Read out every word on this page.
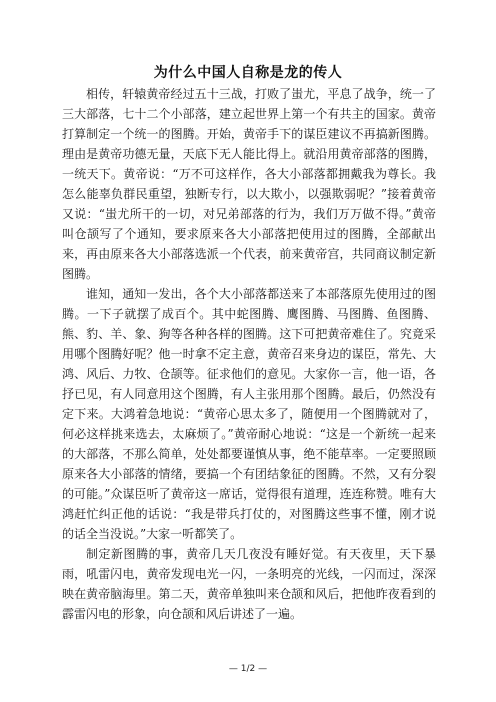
为什么中国人自称是龙的传人

相传，轩辕黄帝经过五十三战，打败了蚩尤，平息了战争，统一了三大部落，七十二个小部落，建立起世界上第一个有共主的国家。黄帝打算制定一个统一的图腾。开始，黄帝手下的谋臣建议不再搞新图腾。理由是黄帝功德无量，天底下无人能比得上。就沿用黄帝部落的图腾，一统天下。黄帝说：“万不可这样作，各大小部落都拥戴我为尊长。我怎么能辜负群民重望，独断专行，以大欺小，以强欺弱呢？”接着黄帝又说：“蚩尤所干的一切，对兄弟部落的行为，我们万万做不得。”黄帝叫仓颉写了个通知，要求原来各大小部落把使用过的图腾，全部献出来，再由原来各大小部落选派一个代表，前来黄帝宫，共同商议制定新图腾。

谁知，通知一发出，各个大小部落都送来了本部落原先使用过的图腾。一下子就摆了成百个。其中蛇图腾、鹰图腾、马图腾、鱼图腾、熊、豹、羊、象、狗等各种各样的图腾。这下可把黄帝难住了。究竟采用哪个图腾好呢？他一时拿不定主意，黄帝召来身边的谋臣，常先、大鸿、风后、力牧、仓颉等。征求他们的意见。大家你一言，他一语，各抒已见，有人同意用这个图腾，有人主张用那个图腾。最后，仍然没有定下来。大鸿着急地说：“黄帝心思太多了，随便用一个图腾就对了，何必这样挑来选去，太麻烦了。”黄帝耐心地说：“这是一个新统一起来的大部落，不那么简单，处处都要谨慎从事，绝不能草率。一定要照顾原来各大小部落的情绪，要搞一个有团结象征的图腾。不然，又有分裂的可能。”众谋臣听了黄帝这一席话，觉得很有道理，连连称赞。唯有大鸿赶忙纠正他的话说：“我是带兵打仗的，对图腾这些事不懂，刚才说的话全当没说。”大家一听都笑了。

制定新图腾的事，黄帝几天几夜没有睡好觉。有天夜里，天下暴雨，吼雷闪电，黄帝发现电光一闪，一条明亮的光线，一闪而过，深深映在黄帝脑海里。第二天，黄帝单独叫来仓颉和风后，把他昨夜看到的霹雷闪电的形象，向仓颉和风后讲述了一遍。

— 1/2 —
